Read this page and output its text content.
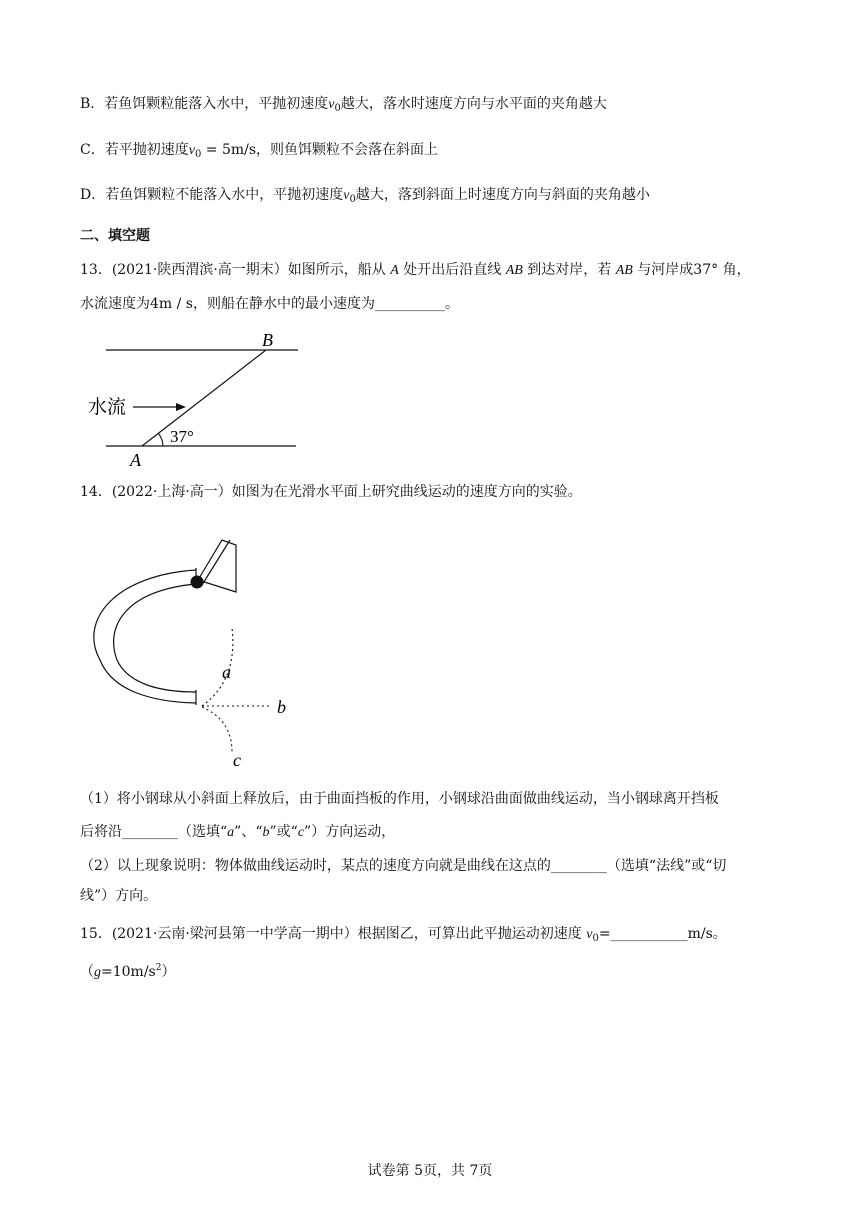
B．若鱼饵颗粒能落入水中，平抛初速度$v_0$越大，落水时速度方向与水平面的夹角越大
C．若平抛初速度$v_0 = 5m/s$，则鱼饵颗粒不会落在斜面上
D．若鱼饵颗粒不能落入水中，平抛初速度$v_0$越大，落到斜面上时速度方向与斜面的夹角越小
二、填空题
13．(2021·陕西渭滨·高一期末）如图所示，船从 A 处开出后沿直线 AB 到达对岸，若 AB 与河岸成37° 角，
水流速度为4m / s，则船在静水中的最小速度为__________。
水流
37°
A
B
a
b
c
14．(2022·上海·高一）如图为在光滑水平面上研究曲线运动的速度方向的实验。
（1）将小钢球从小斜面上释放后，由于曲面挡板的作用，小钢球沿曲面做曲线运动，当小钢球离开挡板
后将沿________（选填“a”、“b”或“c”）方向运动，
（2）以上现象说明：物体做曲线运动时，某点的速度方向就是曲线在这点的________（选填“法线”或“切
线”）方向。
15．(2021·云南·梁河县第一中学高一期中）根据图乙，可算出此平抛运动初速度 $v_0=\_\_\_\_\_\_\_\_\_\_\_m/s$。
$(g=10m/s^2)$
试卷第 5页，共 7页
